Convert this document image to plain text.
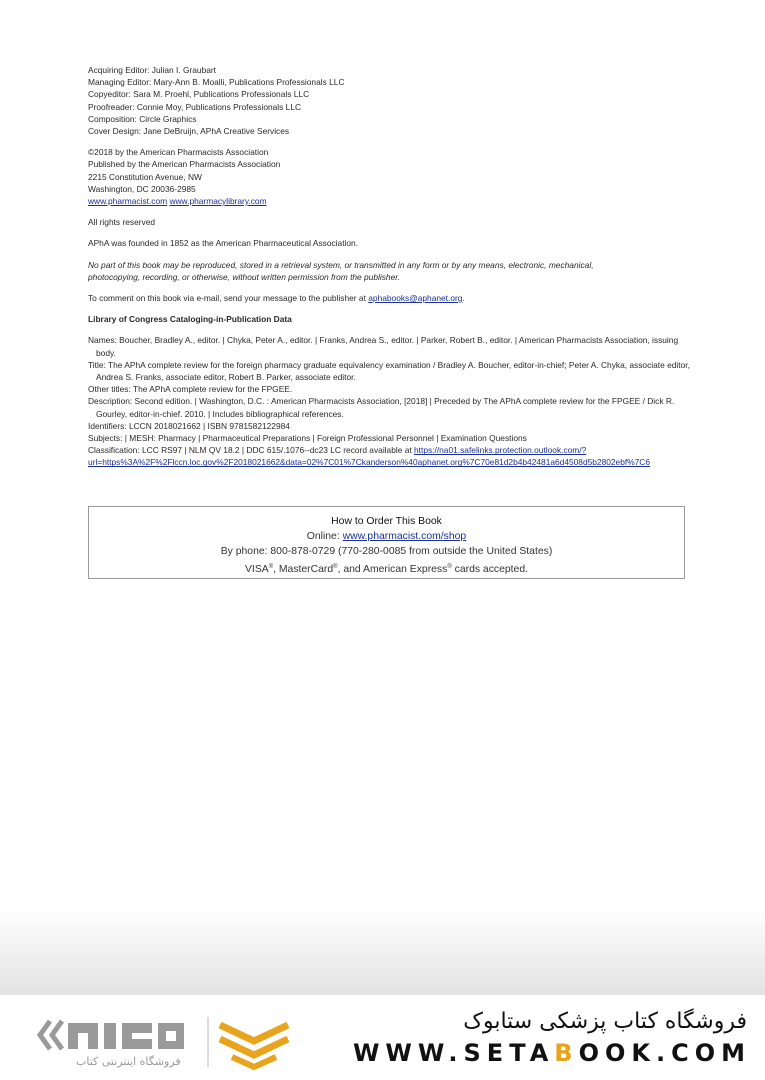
Acquiring Editor: Julian I. Graubart
Managing Editor: Mary-Ann B. Moalli, Publications Professionals LLC
Copyeditor: Sara M. Proehl, Publications Professionals LLC
Proofreader: Connie Moy, Publications Professionals LLC
Composition: Circle Graphics
Cover Design: Jane DeBruijn, APhA Creative Services
©2018 by the American Pharmacists Association
Published by the American Pharmacists Association
2215 Constitution Avenue, NW
Washington, DC 20036-2985
www.pharmacist.com www.pharmacylibrary.com
All rights reserved
APhA was founded in 1852 as the American Pharmaceutical Association.
No part of this book may be reproduced, stored in a retrieval system, or transmitted in any form or by any means, electronic, mechanical,
photocopying, recording, or otherwise, without written permission from the publisher.
To comment on this book via e-mail, send your message to the publisher at aphabooks@aphanet.org.
Library of Congress Cataloging-in-Publication Data
Names: Boucher, Bradley A., editor. | Chyka, Peter A., editor. | Franks, Andrea S., editor. | Parker, Robert B., editor. | American Pharmacists Association, issuing body.
Title: The APhA complete review for the foreign pharmacy graduate equivalency examination / Bradley A. Boucher, editor-in-chief; Peter A. Chyka, associate editor, Andrea S. Franks, associate editor, Robert B. Parker, associate editor.
Other titles: The APhA complete review for the FPGEE.
Description: Second edition. | Washington, D.C. : American Pharmacists Association, [2018] | Preceded by The APhA complete review for the FPGEE / Dick R. Gourley, editor-in-chief. 2010. | Includes bibliographical references.
Identifiers: LCCN 2018021662 | ISBN 9781582122984
Subjects: | MESH: Pharmacy | Pharmaceutical Preparations | Foreign Professional Personnel | Examination Questions
Classification: LCC RS97 | NLM QV 18.2 | DDC 615/.1076--dc23 LC record available at https://na01.safelinks.protection.outlook.com/?
url=https%3A%2F%2Flccn.loc.gov%2F2018021662&data=02%7C01%7Ckanderson%40aphanet.org%7C70e81d2b4b42481a6d4508d5b2802ebf%7C6
How to Order This Book
Online: www.pharmacist.com/shop
By phone: 800-878-0729 (770-280-0085 from outside the United States)
VISA®, MasterCard®, and American Express® cards accepted.
فروشگاه اینترنتی کتاب
فروشگاه کتاب پزشکی ستابوک
WWW.SETABOOK.COM
